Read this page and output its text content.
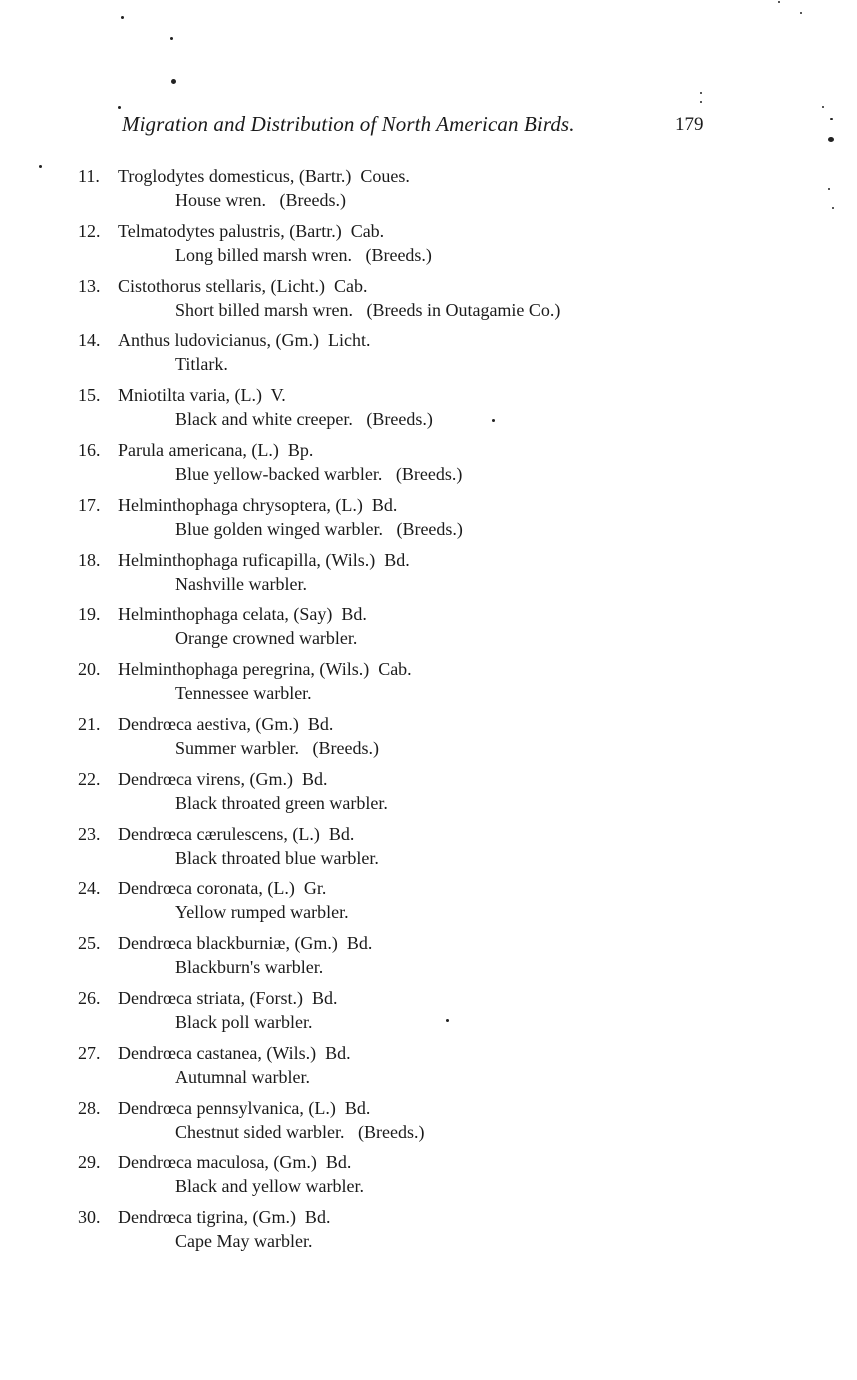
Migration and Distribution of North American Birds.	179
11. Troglodytes domesticus, (Bartr.)  Coues.
House wren.   (Breeds.)
12. Telmatodytes palustris, (Bartr.)  Cab.
Long billed marsh wren.   (Breeds.)
13. Cistothorus stellaris, (Licht.)  Cab.
Short billed marsh wren.   (Breeds in Outagamie Co.)
14. Anthus ludovicianus, (Gm.)  Licht.
Titlark.
15. Mniotilta varia, (L.)  V.
Black and white creeper.   (Breeds.)
16. Parula americana, (L.)  Bp.
Blue yellow-backed warbler.   (Breeds.)
17. Helminthophaga chrysoptera, (L.)  Bd.
Blue golden winged warbler.   (Breeds.)
18. Helminthophaga ruficapilla, (Wils.)  Bd.
Nashville warbler.
19. Helminthophaga celata, (Say)  Bd.
Orange crowned warbler.
20. Helminthophaga peregrina, (Wils.)  Cab.
Tennessee warbler.
21. Dendrœca aestiva, (Gm.)  Bd.
Summer warbler.   (Breeds.)
22. Dendrœca virens, (Gm.)  Bd.
Black throated green warbler.
23. Dendrœca cærulescens, (L.)  Bd.
Black throated blue warbler.
24. Dendrœca coronata, (L.)  Gr.
Yellow rumped warbler.
25. Dendrœca blackburniæ, (Gm.)  Bd.
Blackburn's warbler.
26. Dendrœca striata, (Forst.)  Bd.
Black poll warbler.
27. Dendrœca castanea, (Wils.)  Bd.
Autumnal warbler.
28. Dendrœca pennsylvanica, (L.)  Bd.
Chestnut sided warbler.   (Breeds.)
29. Dendrœca maculosa, (Gm.)  Bd.
Black and yellow warbler.
30. Dendrœca tigrina, (Gm.)  Bd.
Cape May warbler.
